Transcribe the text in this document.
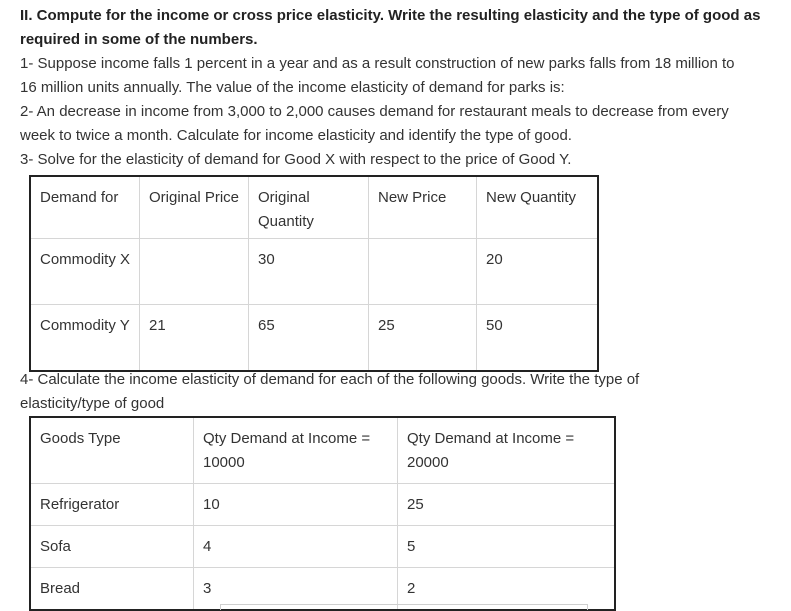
II. Compute for the income or cross price elasticity. Write the resulting elasticity and the type of good as

required in some of the numbers.

1- Suppose income falls 1 percent in a year and as a result construction of new parks falls from 18 million to

16 million units annually. The value of the income elasticity of demand for parks is:

2- An decrease in income from 3,000 to 2,000 causes demand for restaurant meals to decrease from every

week to twice a month. Calculate for income elasticity and identify the type of good.

3- Solve for the elasticity of demand for Good X with respect to the price of Good Y.

Demand for	Original Price	Original Quantity	New Price	New Quantity
Commodity X		30		20
Commodity Y	21	65	25	50

4- Calculate the income elasticity of demand for each of the following goods. Write the type of

elasticity/type of good

Goods Type	Qty Demand at Income = 10000	Qty Demand at Income = 20000
Refrigerator	10	25
Sofa	4	5
Bread	3	2
